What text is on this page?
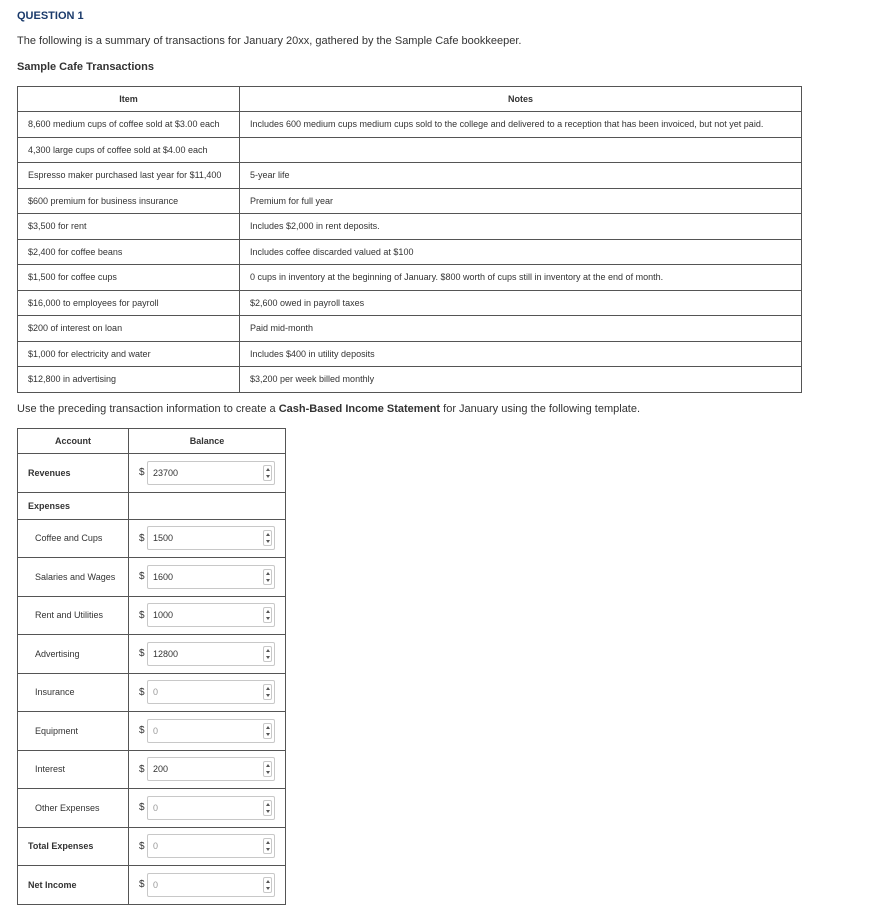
QUESTION 1
The following is a summary of transactions for January 20xx, gathered by the Sample Cafe bookkeeper.
Sample Cafe Transactions
Item	Notes
8,600 medium cups of coffee sold at $3.00 each	Includes 600 medium cups medium cups sold to the college and delivered to a reception that has been invoiced, but not yet paid.
4,300 large cups of coffee sold at $4.00 each	
Espresso maker purchased last year for $11,400	5-year life
$600 premium for business insurance	Premium for full year
$3,500 for rent	Includes $2,000 in rent deposits.
$2,400 for coffee beans	Includes coffee discarded valued at $100
$1,500 for coffee cups	0 cups in inventory at the beginning of January. $800 worth of cups still in inventory at the end of month.
$16,000 to employees for payroll	$2,600 owed in payroll taxes
$200 of interest on loan	Paid mid-month
$1,000 for electricity and water	Includes $400 in utility deposits
$12,800 in advertising	$3,200 per week billed monthly
Use the preceding transaction information to create a Cash-Based Income Statement for January using the following template.
Account	Balance
Revenues	$ 23700

Expenses	
Coffee and Cups	$ 1500

Salaries and Wages	$ 1600

Rent and Utilities	$ 1000

Advertising	$ 12800

Insurance	$ 0

Equipment	$ 0

Interest	$ 200

Other Expenses	$ 0

Total Expenses	$ 0

Net Income	$ 0
